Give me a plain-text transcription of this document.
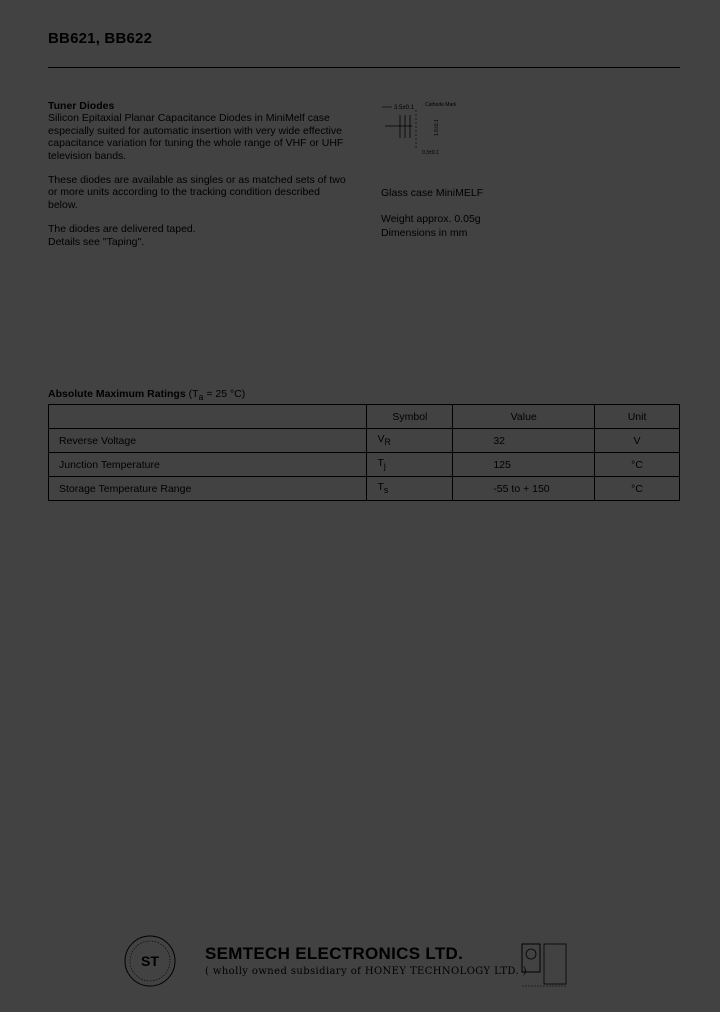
BB621, BB622
Tuner Diodes

Silicon Epitaxial Planar Capacitance Diodes in MiniMelf case especially suited for automatic insertion with very wide effective capacitance variation for tuning the whole range of VHF or UHF television bands.

These diodes are available as singles or as matched sets of two or more units according to the tracking condition described below.

The diodes are delivered taped.
Details see "Taping".

3.5±0.1 Cathode Mark
1.6±0.1
0.3±0.1

Glass case MiniMELF

Weight approx. 0.05g
Dimensions in mm
Absolute Maximum Ratings ($T_a = 25$ °C)
	Symbol	Value	Unit
Reverse Voltage	$V_R$	32	V
Junction Temperature	$T_j$	125	°C
Storage Temperature Range	$T_s$	-55 to + 150	°C
ST	SEMTECH ELECTRONICS LTD.
( wholly owned subsidiary of HONEY TECHNOLOGY LTD. )
